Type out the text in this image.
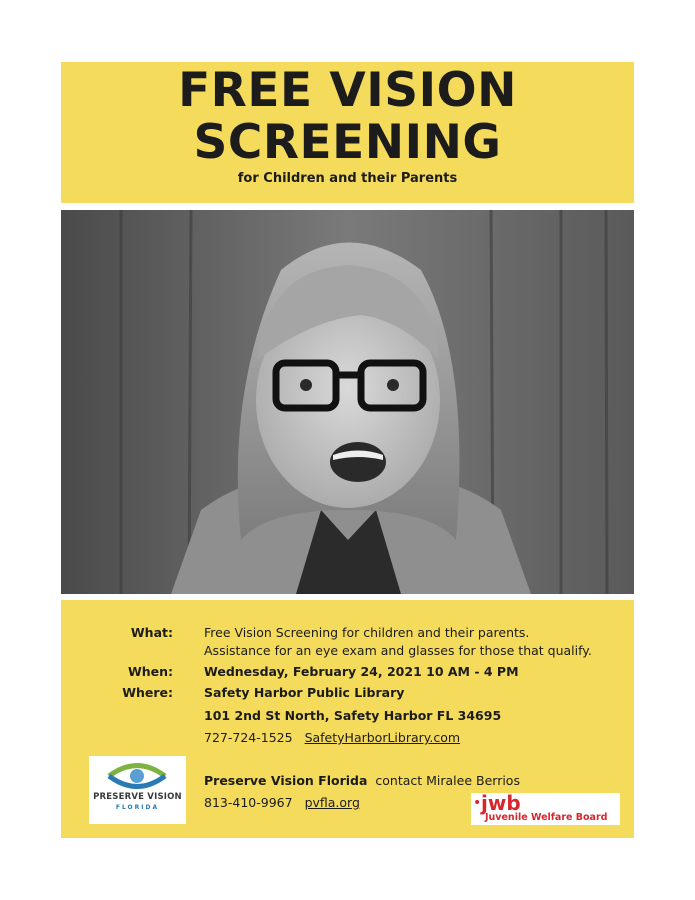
FREE VISION
SCREENING
for Children and their Parents
What: Free Vision Screening for children and their parents.
Assistance for an eye exam and glasses for those that qualify.
When: Wednesday, February 24, 2021 10 AM - 4 PM
Where: Safety Harbor Public Library
101 2nd St North, Safety Harbor FL 34695
727-724-1525 SafetyHarborLibrary.com
PRESERVE VISION
FLORIDA
Preserve Vision Florida contact Miralee Berrios
813-410-9967 pvfla.org	• jwb
Juvenile Welfare Board
